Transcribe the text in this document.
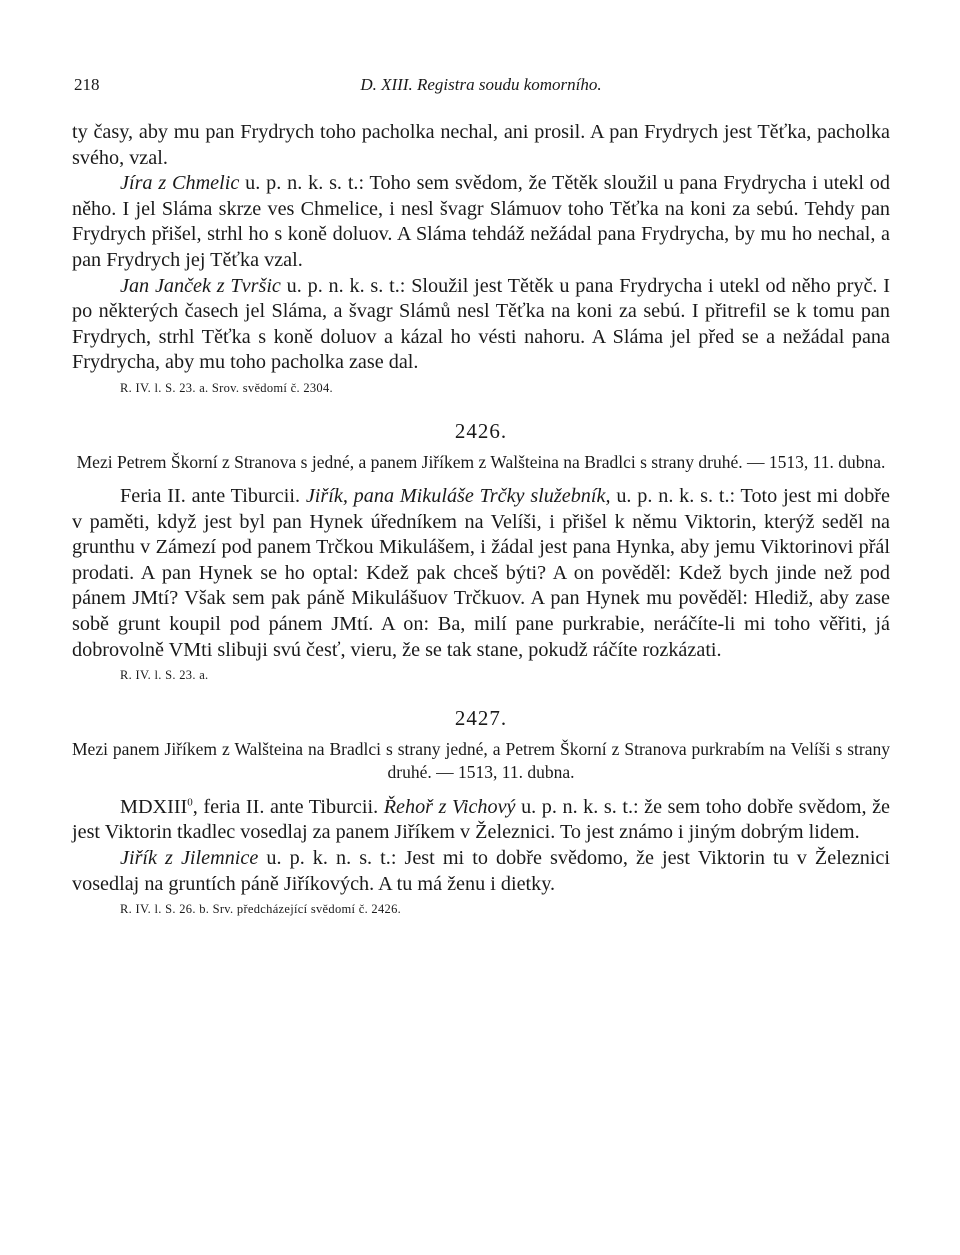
218	D. XIII. Registra soudu komorního.

ty časy, aby mu pan Frydrych toho pacholka nechal, ani prosil. A pan Frydrych jest Těťka, pacholka svého, vzal.

Jíra z Chmelic u. p. n. k. s. t.: Toho sem svědom, že Tětěk sloužil u pana Frydrycha i utekl od něho. I jel Sláma skrze ves Chmelice, i nesl švagr Slámuov toho Těťka na koni za sebú. Tehdy pan Frydrych přišel, strhl ho s koně doluov. A Sláma tehdáž nežádal pana Frydrycha, by mu ho nechal, a pan Frydrych jej Těťka vzal.

Jan Janček z Tvršic u. p. n. k. s. t.: Sloužil jest Tětěk u pana Frydrycha i utekl od něho pryč. I po některých časech jel Sláma, a švagr Slámů nesl Těťka na koni za sebú. I přitrefil se k tomu pan Frydrych, strhl Těťka s koně doluov a kázal ho vésti nahoru. A Sláma jel před se a nežádal pana Frydrycha, aby mu toho pacholka zase dal.

R. IV. l. S. 23. a. Srov. svědomí č. 2304.
2426.
Mezi Petrem Škorní z Stranova s jedné, a panem Jiříkem z Walšteina na Bradlci s strany druhé. — 1513, 11. dubna.

Feria II. ante Tiburcii. Jiřík, pana Mikuláše Trčky služebník, u. p. n. k. s. t.: Toto jest mi dobře v paměti, když jest byl pan Hynek úředníkem na Velíši, i přišel k němu Viktorin, kterýž seděl na grunthu v Zámezí pod panem Trčkou Mikulášem, i žádal jest pana Hynka, aby jemu Viktorinovi přál prodati. A pan Hynek se ho optal: Kdež pak chceš býti? A on pověděl: Kdež bych jinde než pod pánem JMtí? Však sem pak páně Mikulášuov Trčkuov. A pan Hynek mu pověděl: Hlediž, aby zase sobě grunt koupil pod pánem JMtí. A on: Ba, milí pane purkrabie, neráčíte-li mi toho věřiti, já dobrovolně VMti slibuji svú česť, vieru, že se tak stane, pokudž ráčíte rozkázati.

R. IV. l. S. 23. a.
2427.
Mezi panem Jiříkem z Walšteina na Bradlci s strany jedné, a Petrem Škorní z Stranova purkrabím na Velíši s strany druhé. — 1513, 11. dubna.

MDXIII$^0$, feria II. ante Tiburcii. Řehoř z Vichový u. p. n. k. s. t.: že sem toho dobře svědom, že jest Viktorin tkadlec vosedlaj za panem Jiříkem v Železnici. To jest známo i jiným dobrým lidem.

Jiřík z Jilemnice u. p. k. n. s. t.: Jest mi to dobře svědomo, že jest Viktorin tu v Železnici vosedlaj na gruntích páně Jiříkových. A tu má ženu i dietky.

R. IV. l. S. 26. b. Srv. předcházející svědomí č. 2426.
